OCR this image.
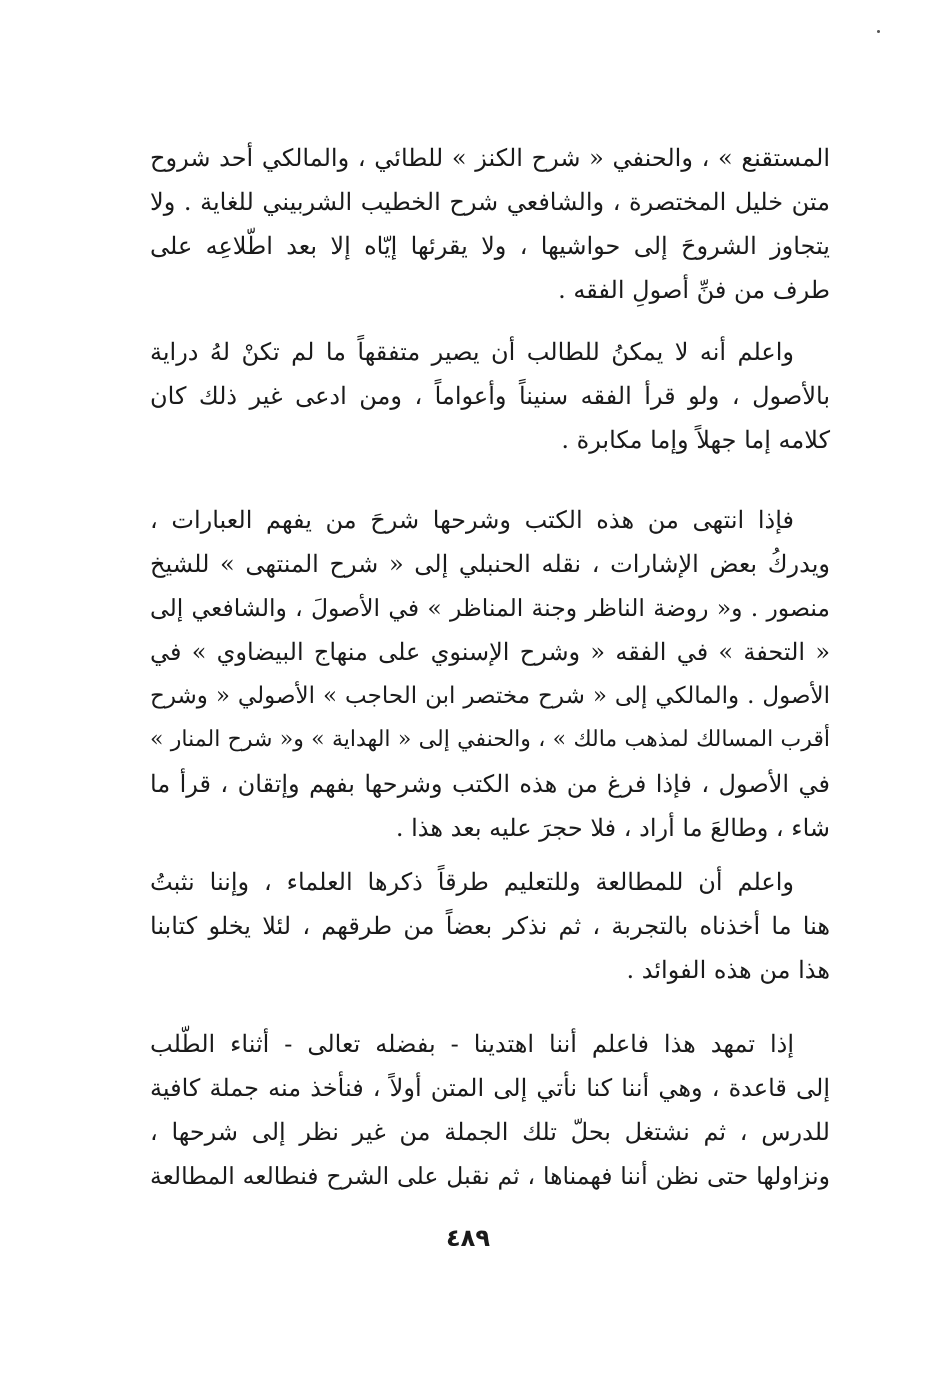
المستقنع » ، والحنفي « شرح الكنز » للطائي ، والمالكي أحد شروح
متن خليل المختصرة ، والشافعي شرح الخطيب الشربيني للغاية . ولا
يتجاوز الشروحَ إلى حواشيها ، ولا يقرئها إيّاه إلا بعد اطّلاعِه على
طرف من فنِّ أصولِ الفقه .
واعلم أنه لا يمكنُ للطالب أن يصير متفقهاً ما لم تكنْ لهُ دراية
بالأصول ، ولو قرأ الفقه سنيناً وأعواماً ، ومن ادعى غير ذلك كان
كلامه إما جهلاً وإما مكابرة .
فإذا انتهى من هذه الكتب وشرحها شرحَ من يفهم العبارات ،
ويدركُ بعض الإشارات ، نقله الحنبلي إلى « شرح المنتهى » للشيخ
منصور . و« روضة الناظر وجنة المناظر » في الأصولَ ، والشافعي إلى
« التحفة » في الفقه « وشرح الإسنوي على منهاج البيضاوي » في
الأصول . والمالكي إلى « شرح مختصر ابن الحاجب » الأصولي « وشرح
أقرب المسالك لمذهب مالك » ، والحنفي إلى « الهداية » و« شرح المنار »
في الأصول ، فإذا فرغ من هذه الكتب وشرحها بفهم وإتقان ، قرأ ما
شاء ، وطالعَ ما أراد ، فلا حجرَ عليه بعد هذا .
واعلم أن للمطالعة وللتعليم طرقاً ذكرها العلماء ، وإننا نثبتُ
هنا ما أخذناه بالتجربة ، ثم نذكر بعضاً من طرقهم ، لئلا يخلو كتابنا
هذا من هذه الفوائد .
إذا تمهد هذا فاعلم أننا اهتدينا - بفضله تعالى - أثناء الطّلب
إلى قاعدة ، وهي أننا كنا نأتي إلى المتن أولاً ، فنأخذ منه جملة كافية
للدرس ، ثم نشتغل بحلّ تلك الجملة من غير نظر إلى شرحها ،
ونزاولها حتى نظن أننا فهمناها ، ثم نقبل على الشرح فنطالعه المطالعة
٤٨٩
